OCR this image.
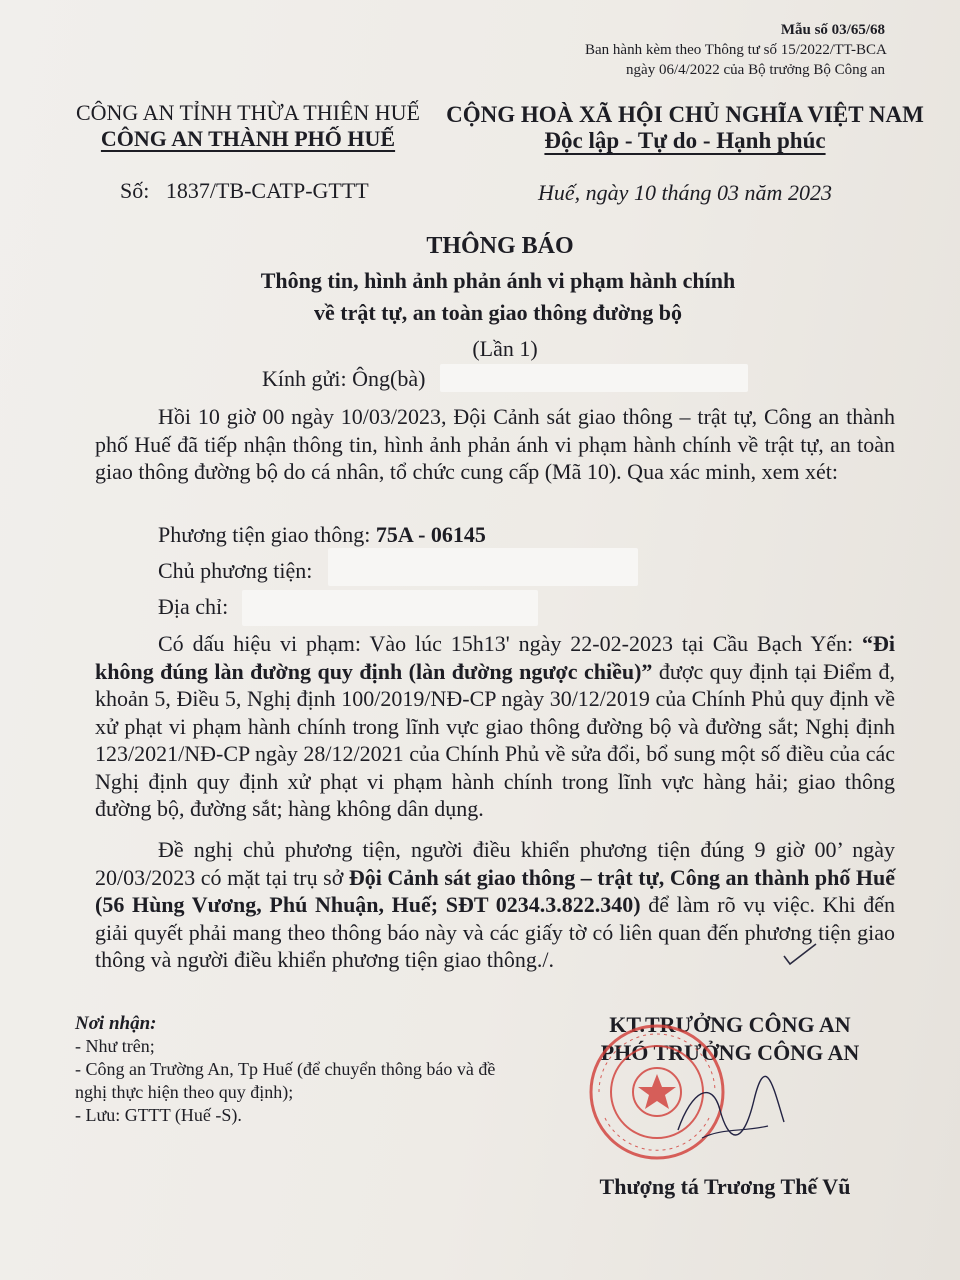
Mẫu số 03/65/68
Ban hành kèm theo Thông tư số 15/2022/TT-BCA
ngày 06/4/2022 của Bộ trưởng Bộ Công an
CÔNG AN TỈNH THỪA THIÊN HUẾ
CÔNG AN THÀNH PHỐ HUẾ
Số: 1837/TB-CATP-GTTT
CỘNG HOÀ XÃ HỘI CHỦ NGHĨA VIỆT NAM
Độc lập - Tự do - Hạnh phúc
Huế, ngày 10 tháng 03 năm 2023
THÔNG BÁO
Thông tin, hình ảnh phản ánh vi phạm hành chính
về trật tự, an toàn giao thông đường bộ
(Lần 1)
Kính gửi: Ông(bà)

Hồi 10 giờ 00 ngày 10/03/2023, Đội Cảnh sát giao thông – trật tự, Công an thành phố Huế đã tiếp nhận thông tin, hình ảnh phản ánh vi phạm hành chính về trật tự, an toàn giao thông đường bộ do cá nhân, tổ chức cung cấp (Mã 10). Qua xác minh, xem xét:

Phương tiện giao thông: 75A - 06145
Chủ phương tiện:
Địa chỉ:

Có dấu hiệu vi phạm: Vào lúc 15h13' ngày 22-02-2023 tại Cầu Bạch Yến: “Đi không đúng làn đường quy định (làn đường ngược chiều)” được quy định tại Điểm đ, khoản 5, Điều 5, Nghị định 100/2019/NĐ-CP ngày 30/12/2019 của Chính Phủ quy định về xử phạt vi phạm hành chính trong lĩnh vực giao thông đường bộ và đường sắt; Nghị định 123/2021/NĐ-CP ngày 28/12/2021 của Chính Phủ về sửa đổi, bổ sung một số điều của các Nghị định quy định xử phạt vi phạm hành chính trong lĩnh vực hàng hải; giao thông đường bộ, đường sắt; hàng không dân dụng.

Đề nghị chủ phương tiện, người điều khiển phương tiện đúng 9 giờ 00’ ngày 20/03/2023 có mặt tại trụ sở Đội Cảnh sát giao thông – trật tự, Công an thành phố Huế (56 Hùng Vương, Phú Nhuận, Huế; SĐT 0234.3.822.340) để làm rõ vụ việc. Khi đến giải quyết phải mang theo thông báo này và các giấy tờ có liên quan đến phương tiện giao thông và người điều khiển phương tiện giao thông./.

Nơi nhận:
- Như trên;
- Công an Trường An, Tp Huế (để chuyển thông báo và đề nghị thực hiện theo quy định);
- Lưu: GTTT (Huế -S).
KT.TRƯỞNG CÔNG AN
PHÓ TRƯỞNG CÔNG AN
Thượng tá Trương Thế Vũ
